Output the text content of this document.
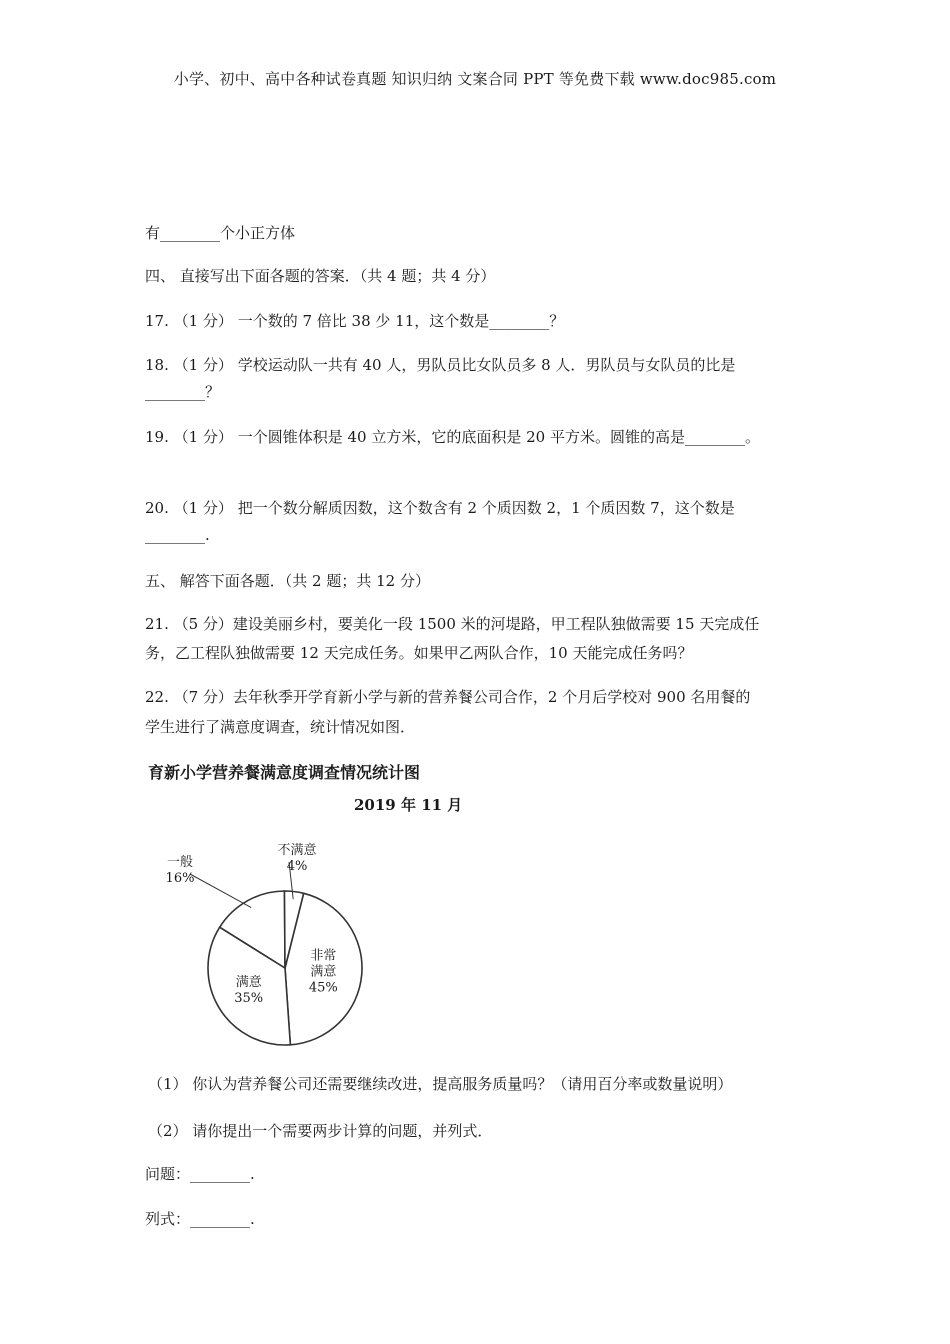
小学、初中、高中各种试卷真题 知识归纳 文案合同 PPT 等免费下载 www.doc985.com
有________个小正方体
四、 直接写出下面各题的答案．（共 4 题；共 4 分）
17. （1 分） 一个数的 7 倍比 38 少 11，这个数是________？
18. （1 分） 学校运动队一共有 40 人，男队员比女队员多 8 人．男队员与女队员的比是
________？
19. （1 分） 一个圆锥体积是 40 立方米，它的底面积是 20 平方米。圆锥的高是________。
20. （1 分） 把一个数分解质因数，这个数含有 2 个质因数 2，1 个质因数 7，这个数是
________.
五、 解答下面各题．（共 2 题；共 12 分）
21. （5 分）建设美丽乡村，要美化一段 1500 米的河堤路，甲工程队独做需要 15 天完成任
务，乙工程队独做需要 12 天完成任务。如果甲乙两队合作，10 天能完成任务吗？
22. （7 分）去年秋季开学育新小学与新的营养餐公司合作，2 个月后学校对 900 名用餐的
学生进行了满意度调查，统计情况如图．
育新小学营养餐满意度调查情况统计图
2019 年 11 月
非常
满意
45%
满意
35%
一般
16%
不满意
4%
（1） 你认为营养餐公司还需要继续改进，提高服务质量吗？（请用百分率或数量说明）
（2） 请你提出一个需要两步计算的问题，并列式．
问题：________.
列式：________.
